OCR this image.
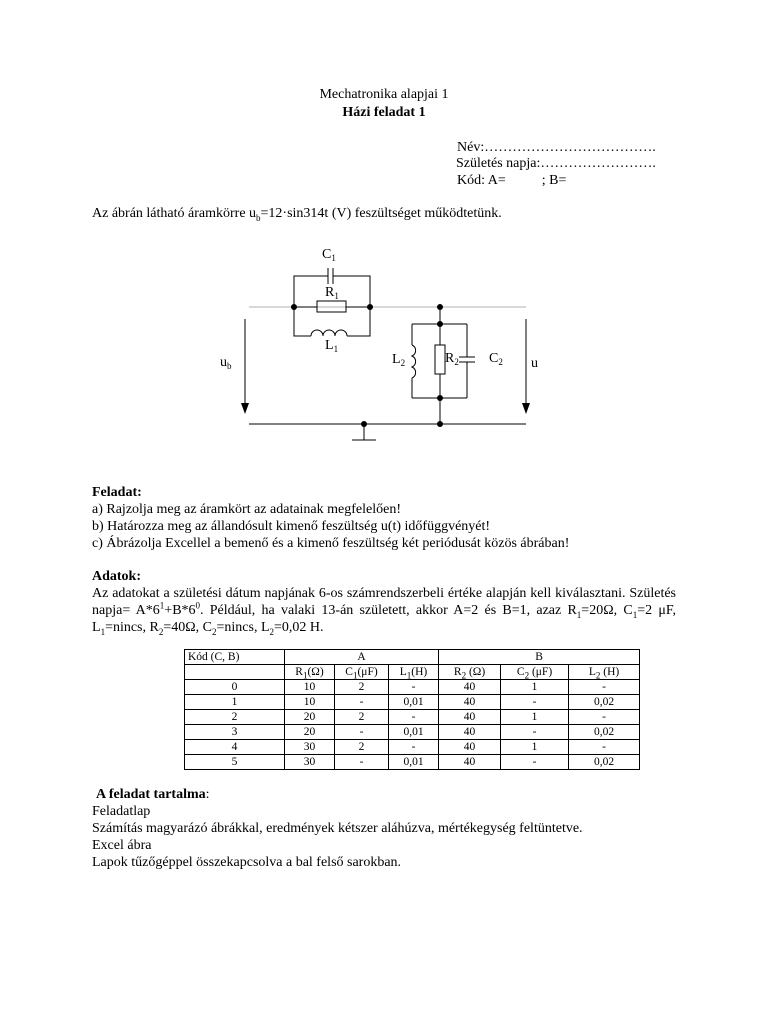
Mechatronika alapjai 1
Házi feladat 1
Név:……………………………….
Születés napja:…………………….
Kód: A=	; B=
Az ábrán látható áramkörre $u_b=12\cdot\sin 314t$ (V) feszültséget működtetünk.
$C_1$
$R_1$
$L_1$
$u_b$	$L_2$	$R_2$ $C_2$ u
Feladat:
a) Rajzolja meg az áramkört az adatainak megfelelően!
b) Határozza meg az állandósult kimenő feszültség u(t) időfüggvényét!
c) Ábrázolja Excellel a bemenő és a kimenő feszültség két periódusát közös ábrában!
Adatok:
Az adatokat a születési dátum napjának 6-os számrendszerbeli értéke alapján kell kiválasztani. Születés napja= $A*6^1+B*6^0$. Például, ha valaki 13-án született, akkor A=2 és B=1, azaz $R_1=20\Omega$, $C_1=2$ μF, $L_1=nincs$, $R_2=40\Omega$, $C_2=nincs$, $L_2=0,02$ H.
Kód (C, B)	A			B		
	$R_1(\Omega)$	$C_1(\mu F)$	$L_1(H)$	$R_2$ (Ω)	$C_2$ (μF)	$L_2$ (H)
0	10	2	-	40	1	-
1	10	-	0,01	40	-	0,02
2	20	2	-	40	1	-
3	20	-	0,01	40	-	0,02
4	30	2	-	40	1	-
5	30	-	0,01	40	-	0,02
A feladat tartalma:
Feladatlap
Számítás magyarázó ábrákkal, eredmények kétszer aláhúzva, mértékegység feltüntetve.
Excel ábra
Lapok tűzőgéppel összekapcsolva a bal felső sarokban.
